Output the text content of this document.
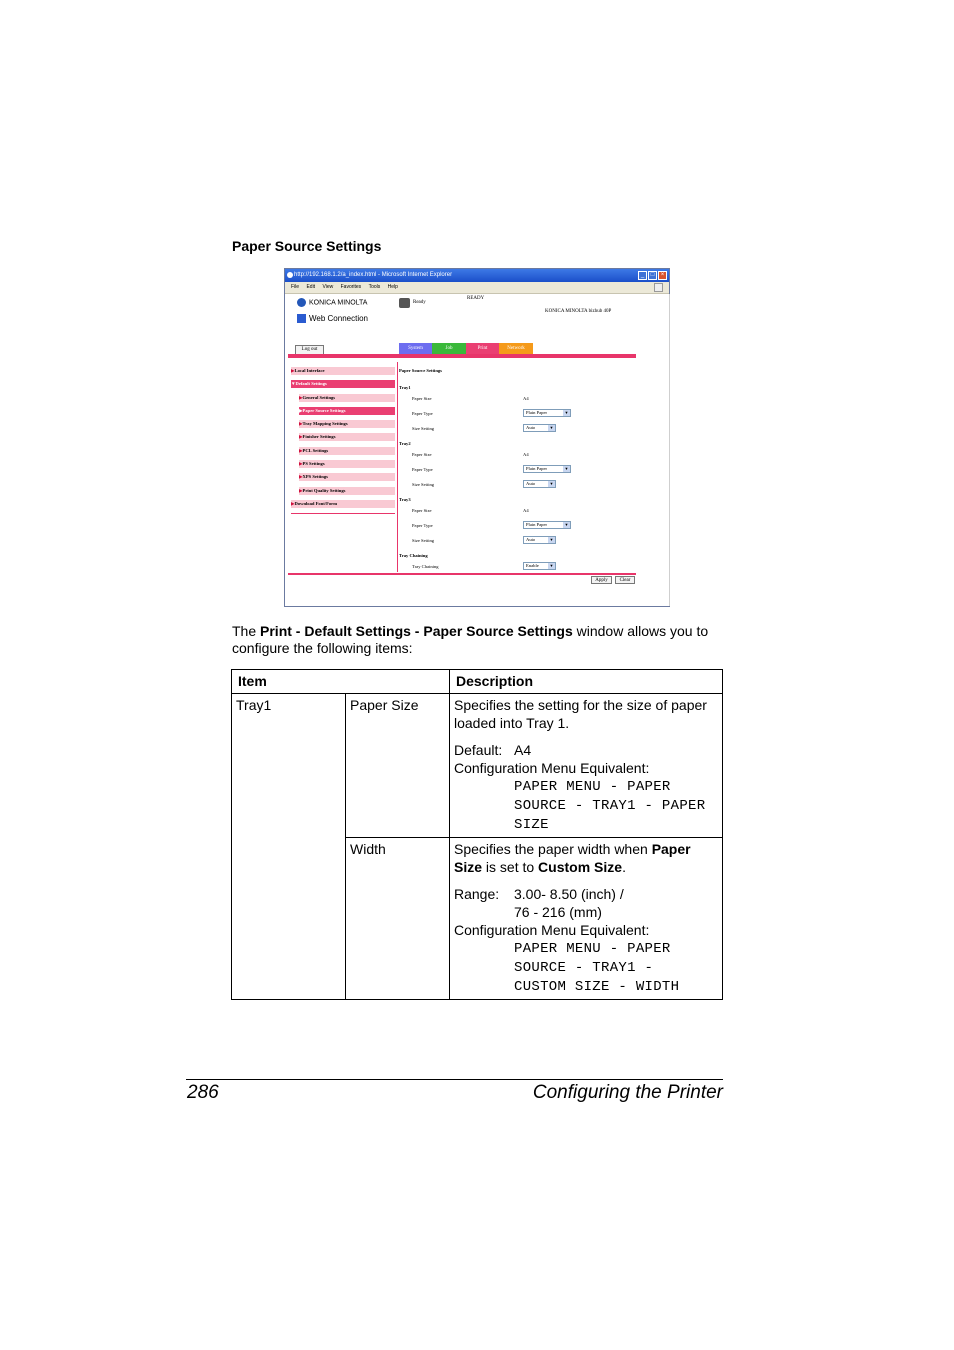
Paper Source Settings
http://192.168.1.2/a_index.html - Microsoft Internet Explorer	_ □ ×
File Edit View Favorites Tools Help
KONICA MINOLTA
Web Connection
Ready
READY
KONICA MINOLTA bizhub 40P
Log out	System	Job	Print	Network
▶Local Interface
▼Default Settings
▶General Settings
▶Paper Source Settings
▶Tray Mapping Settings
▶Finisher Settings
▶PCL Settings
▶PS Settings
▶XPS Settings
▶Print Quality Settings
▶Download Font/Form
Paper Source Settings
Tray1
Paper Size	A4
Paper Type	Plain Paper	▼
Size Setting	Auto	▼
Tray2
Paper Size	A4
Paper Type	Plain Paper	▼
Size Setting	Auto	▼
Tray3
Paper Size	A4
Paper Type	Plain Paper	▼
Size Setting	Auto	▼
Tray Chaining
Tray Chaining	Enable	▼
Apply	Clear
The Print - Default Settings - Paper Source Settings window allows you to configure the following items:
Item	Description
Tray1	Paper Size	Specifies the setting for the size of paper loaded into Tray 1.
Default: A4
Configuration Menu Equivalent:
PAPER MENU - PAPER
SOURCE - TRAY1 - PAPER
SIZE
Width	Specifies the paper width when Paper Size is set to Custom Size.
Range: 3.00- 8.50 (inch) /
76 - 216 (mm)
Configuration Menu Equivalent:
PAPER MENU - PAPER
SOURCE - TRAY1 -
CUSTOM SIZE - WIDTH
286	Configuring the Printer
